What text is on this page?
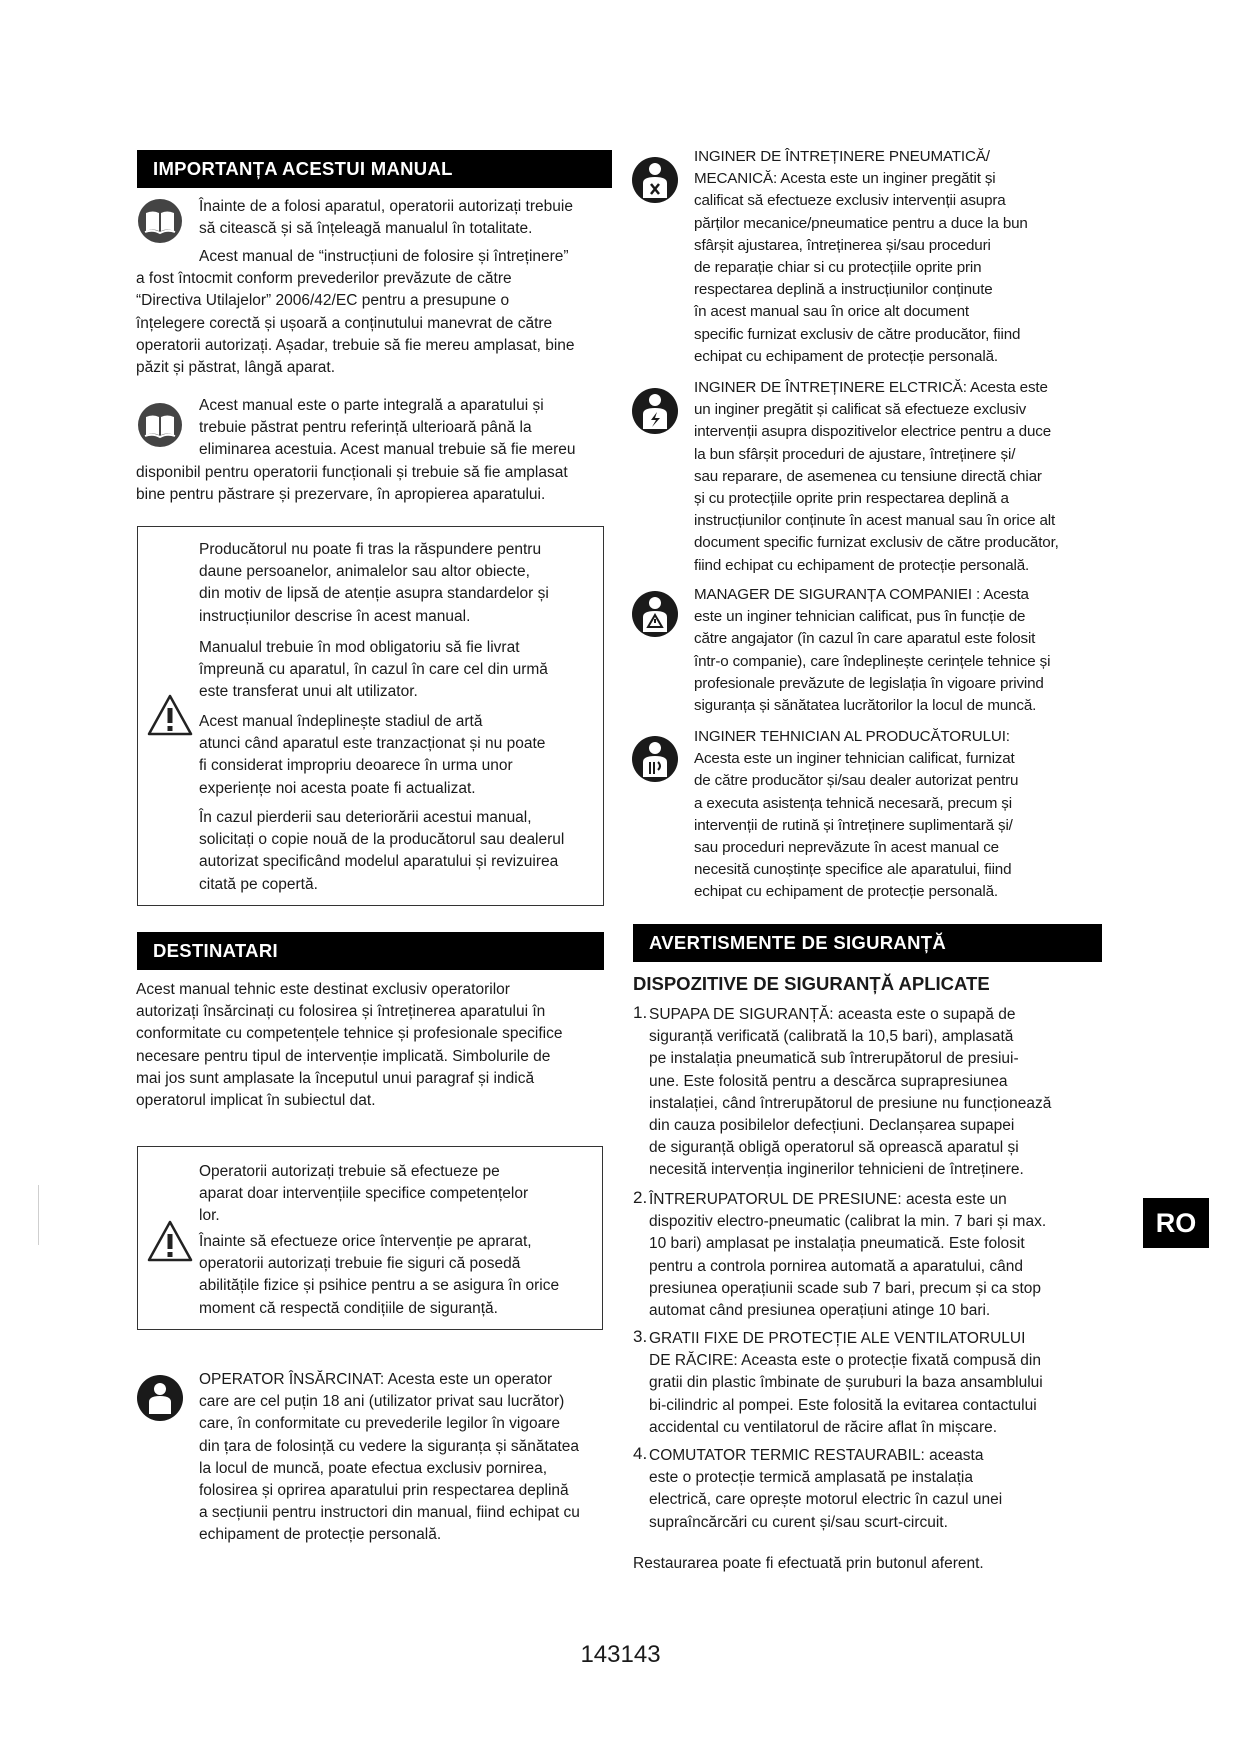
IMPORTANȚA ACESTUI MANUAL

Înainte de a folosi aparatul, operatorii autorizați trebuie
să citească și să înțeleagă manualul în totalitate.

Acest manual de “instrucțiuni de folosire și întreținere”
a fost întocmit conform prevederilor prevăzute de către
“Directiva Utilajelor” 2006/42/EC pentru a presupune o
înțelegere corectă și ușoară a conținutului manevrat de către
operatorii autorizați. Așadar, trebuie să fie mereu amplasat, bine
păzit și păstrat, lângă aparat.

Acest manual este o parte integrală a aparatului și
trebuie păstrat pentru referință ulterioară până la
eliminarea acestuia. Acest manual trebuie să fie mereu
disponibil pentru operatorii funcționali și trebuie să fie amplasat
bine pentru păstrare și prezervare, în apropierea aparatului.

Producătorul nu poate fi tras la răspundere pentru
daune persoanelor, animalelor sau altor obiecte,
din motiv de lipsă de atenție asupra standardelor și
instrucțiunilor descrise în acest manual.

Manualul trebuie în mod obligatoriu să fie livrat
împreună cu aparatul, în cazul în care cel din urmă
este transferat unui alt utilizator.

Acest manual îndeplinește stadiul de artă
atunci când aparatul este tranzacționat și nu poate
fi considerat impropriu deoarece în urma unor
experiențe noi acesta poate fi actualizat.

În cazul pierderii sau deteriorării acestui manual,
solicitați o copie nouă de la producătorul sau dealerul
autorizat specificând modelul aparatului și revizuirea
citată pe copertă.

DESTINATARI

Acest manual tehnic este destinat exclusiv operatorilor
autorizați însărcinați cu folosirea și întreținerea aparatului în
conformitate cu competențele tehnice și profesionale specifice
necesare pentru tipul de intervenție implicată. Simbolurile de
mai jos sunt amplasate la începutul unui paragraf și indică
operatorul implicat în subiectul dat.

Operatorii autorizați trebuie să efectueze pe
aparat doar intervențiile specifice competențelor
lor.

Înainte să efectueze orice întervenție pe aprarat,
operatorii autorizați trebuie fie siguri că posedă
abilitățile fizice și psihice pentru a se asigura în orice
moment că respectă condițiile de siguranță.

OPERATOR ÎNSĂRCINAT: Acesta este un operator
care are cel puțin 18 ani (utilizator privat sau lucrător)
care, în conformitate cu prevederile legilor în vigoare
din țara de folosință cu vedere la siguranța și sănătatea
la locul de muncă, poate efectua exclusiv pornirea,
folosirea și oprirea aparatului prin respectarea deplină
a secțiunii pentru instructori din manual, fiind echipat cu
echipament de protecție personală.

INGINER DE ÎNTREȚINERE PNEUMATICĂ/
MECANICĂ: Acesta este un inginer pregătit și
calificat să efectueze exclusiv intervenții asupra
părților mecanice/pneumatice pentru a duce la bun
sfârșit ajustarea, întreținerea și/sau proceduri
de reparație chiar si cu protecțiile oprite prin
respectarea deplină a instrucțiunilor conținute
în acest manual sau în orice alt document
specific furnizat exclusiv de către producător, fiind
echipat cu echipament de protecție personală.

INGINER DE ÎNTREȚINERE ELCTRICĂ: Acesta este
un inginer pregătit și calificat să efectueze exclusiv
intervenții asupra dispozitivelor electrice pentru a duce
la bun sfârșit proceduri de ajustare, întreținere și/
sau reparare, de asemenea cu tensiune directă chiar
și cu protecțiile oprite prin respectarea deplină a
instrucțiunilor conținute în acest manual sau în orice alt
document specific furnizat exclusiv de către producător,
fiind echipat cu echipament de protecție personală.

MANAGER DE SIGURANȚA COMPANIEI : Acesta
este un inginer tehnician calificat, pus în funcție de
către angajator (în cazul în care aparatul este folosit
într-o companie), care îndeplinește cerințele tehnice și
profesionale prevăzute de legislația în vigoare privind
siguranța și sănătatea lucrătorilor la locul de muncă.

INGINER TEHNICIAN AL PRODUCĂTORULUI:
Acesta este un inginer tehnician calificat, furnizat
de către producător și/sau dealer autorizat pentru
a executa asistența tehnică necesară, precum și
intervenții de rutină și întreținere suplimentară și/
sau proceduri neprevăzute în acest manual ce
necesită cunoștințe specifice ale aparatului, fiind
echipat cu echipament de protecție personală.

AVERTISMENTE DE SIGURANȚĂ
DISPOZITIVE DE SIGURANȚĂ APLICATE
1. SUPAPA DE SIGURANȚĂ: aceasta este o supapă de
siguranță verificată (calibrată la 10,5 bari), amplasată
pe instalația pneumatică sub întrerupătorul de presiui-
une. Este folosită pentru a descărca suprapresiunea
instalației, când întrerupătorul de presiune nu funcționează
din cauza posibilelor defecțiuni. Declanșarea supapei
de siguranță obligă operatorul să oprească aparatul și
necesită intervenția inginerilor tehnicieni de întreținere.

2. ÎNTRERUPATORUL DE PRESIUNE: acesta este un
dispozitiv electro-pneumatic (calibrat la min. 7 bari și max.
10 bari) amplasat pe instalația pneumatică. Este folosit
pentru a controla pornirea automată a aparatului, când
presiunea operațiunii scade sub 7 bari, precum și ca stop
automat când presiunea operațiuni atinge 10 bari.

3. GRATII FIXE DE PROTECȚIE ALE VENTILATORULUI
DE RĂCIRE: Aceasta este o protecție fixată compusă din
gratii din plastic îmbinate de șuruburi la baza ansamblului
bi-cilindric al pompei. Este folosită la evitarea contactului
accidental cu ventilatorul de răcire aflat în mișcare.

4. COMUTATOR TERMIC RESTAURABIL: aceasta
este o protecție termică amplasată pe instalația
electrică, care oprește motorul electric în cazul unei
supraîncărcări cu curent și/sau scurt-circuit.

Restaurarea poate fi efectuată prin butonul aferent.

RO
143143
